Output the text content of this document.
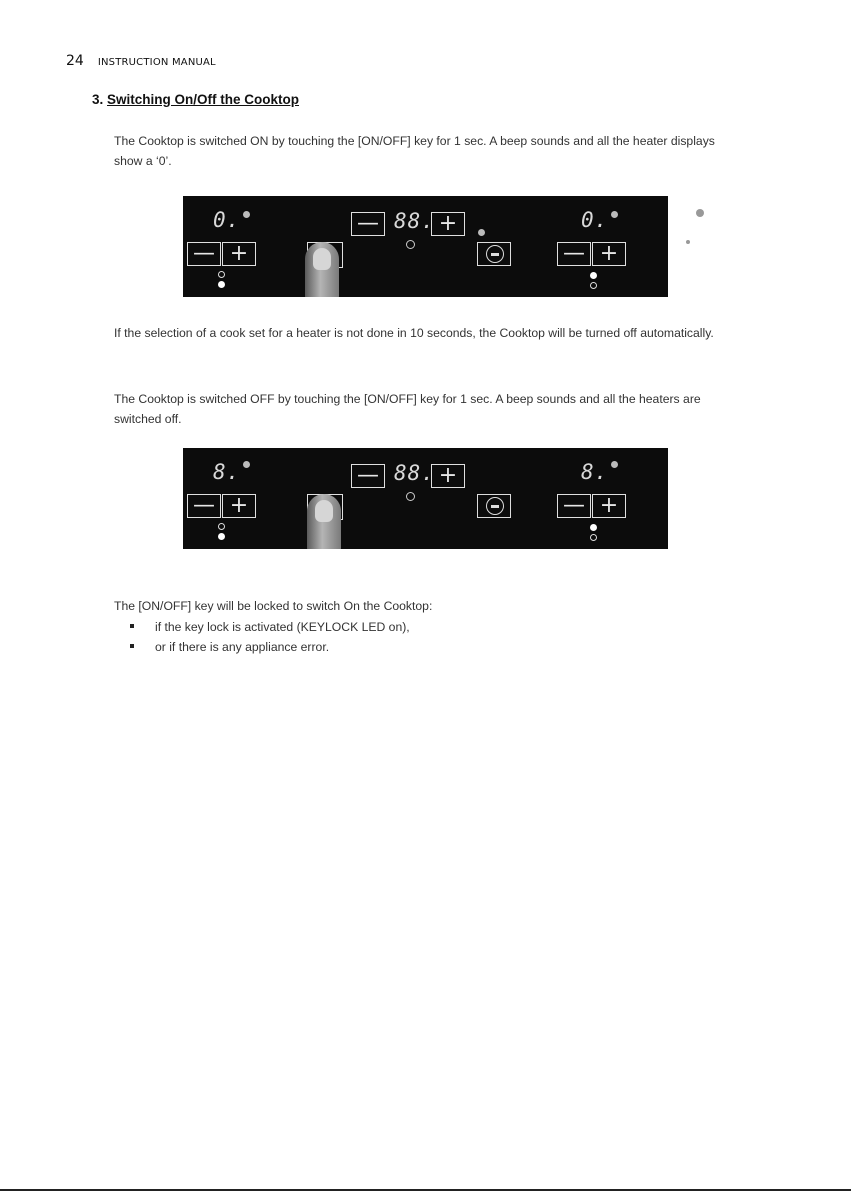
24 INSTRUCTION MANUAL
3. Switching On/Off the Cooktop
The Cooktop is switched ON by touching the [ON/OFF] key for 1 sec. A beep sounds and all the heater displays
show a ‘0’.
0.
— +
— 88. +	0.
— +
If the selection of a cook set for a heater is not done in 10 seconds, the Cooktop will be turned off automatically.
The Cooktop is switched OFF by touching the [ON/OFF] key for 1 sec. A beep sounds and all the heaters are
switched off.
8.
— +
— 88. +	8.
— +
The [ON/OFF] key will be locked to switch On the Cooktop:
if the key lock is activated (KEYLOCK LED on),
or if there is any appliance error.
